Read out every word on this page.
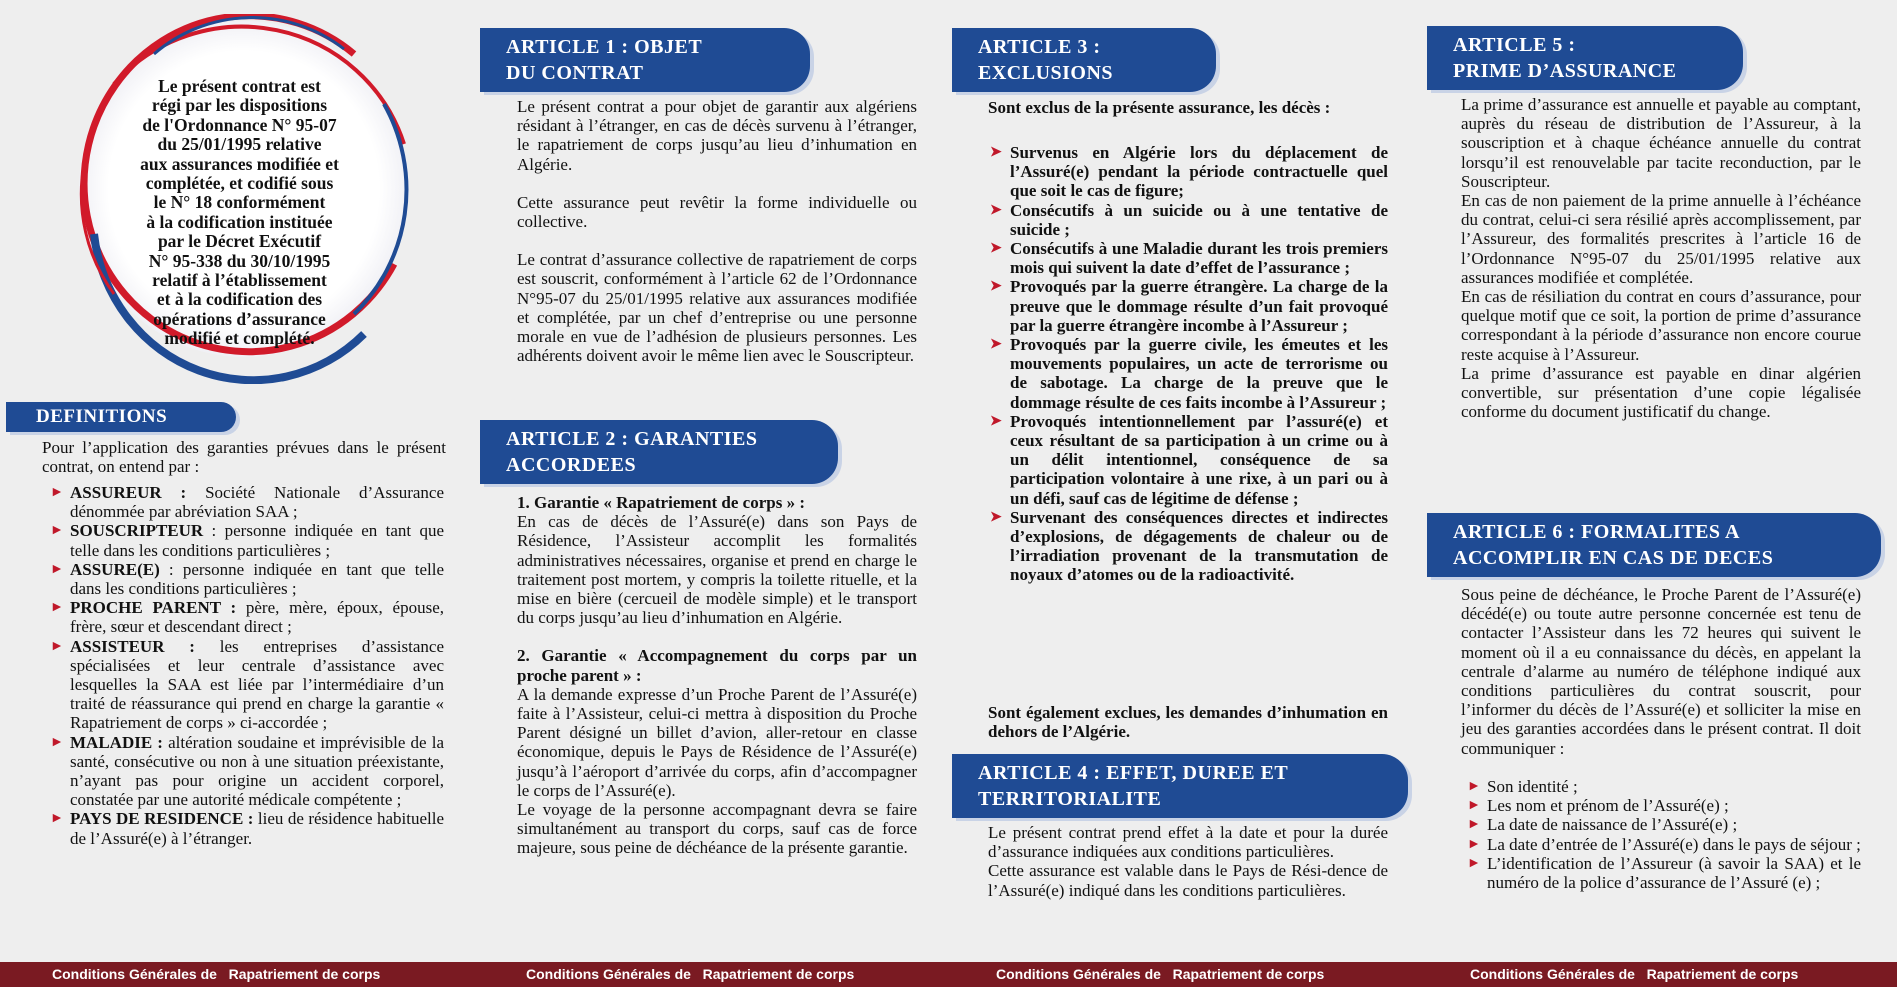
Le présent contrat est
régi par les dispositions
de l'Ordonnance N° 95-07
du 25/01/1995 relative
aux assurances modifiée et
complétée, et codifié sous
le N° 18 conformément
à la codification instituée
par le Décret Exécutif
N° 95-338 du 30/10/1995
relatif à l’établissement
et à la codification des
opérations d’assurance
modifié et complété.
DEFINITIONS
Pour l’application des garanties prévues dans le présent contrat, on entend par :
► ASSUREUR : Société Nationale d’Assurance dénommée par abréviation SAA ;
► SOUSCRIPTEUR : personne indiquée en tant que telle dans les conditions particulières ;
► ASSURE(E) : personne indiquée en tant que telle dans les conditions particulières ;
► PROCHE PARENT : père, mère, époux, épouse, frère, sœur et descendant direct ;
► ASSISTEUR : les entreprises d’assistance spécialisées et leur centrale d’assistance avec lesquelles la SAA est liée par l’intermédiaire d’un traité de réassurance qui prend en charge la garantie « Rapatriement de corps » ci-accordée ;
► MALADIE : altération soudaine et imprévisible de la santé, consécutive ou non à une situation préexistante, n’ayant pas pour origine un accident corporel, constatée par une autorité médicale compétente ;
► PAYS DE RESIDENCE : lieu de résidence habituelle de l’Assuré(e) à l’étranger.
ARTICLE 1 : OBJET
DU CONTRAT

Le présent contrat a pour objet de garantir aux algériens résidant à l’étranger, en cas de décès survenu à l’étranger, le rapatriement de corps jusqu’au lieu d’inhumation en Algérie.

Cette assurance peut revêtir la forme individuelle ou collective.

Le contrat d’assurance collective de rapatriement de corps est souscrit, conformément à l’article 62 de l’Ordonnance N°95-07 du 25/01/1995 relative aux assurances modifiée et complétée, par un chef d’entreprise ou une personne morale en vue de l’adhésion de plusieurs personnes. Les adhérents doivent avoir le même lien avec le Souscripteur.

ARTICLE 2 : GARANTIES
ACCORDEES
1. Garantie « Rapatriement de corps » :

En cas de décès de l’Assuré(e) dans son Pays de Résidence, l’Assisteur accomplit les formalités administratives nécessaires, organise et prend en charge le traitement post mortem, y compris la toilette rituelle, et la mise en bière (cercueil de modèle simple) et le transport du corps jusqu’au lieu d’inhumation en Algérie.

2. Garantie « Accompagnement du corps par un proche parent » :
A la demande expresse d’un Proche Parent de l’Assuré(e) faite à l’Assisteur, celui-ci mettra à disposition du Proche Parent désigné un billet d’avion, aller-retour en classe économique, depuis le Pays de Résidence de l’Assuré(e) jusqu’à l’aéroport d’arrivée du corps, afin d’accompagner le corps de l’Assuré(e).
Le voyage de la personne accompagnant devra se faire simultanément au transport du corps, sauf cas de force majeure, sous peine de déchéance de la présente garantie.
ARTICLE 3 :
EXCLUSIONS
Sont exclus de la présente assurance, les décès :
➤ Survenus en Algérie lors du déplacement de l’Assuré(e) pendant la période contractuelle quel que soit le cas de figure;
➤ Consécutifs à un suicide ou à une tentative de suicide ;
➤ Consécutifs à une Maladie durant les trois premiers mois qui suivent la date d’effet de l’assurance ;
➤ Provoqués par la guerre étrangère. La charge de la preuve que le dommage résulte d’un fait provoqué par la guerre étrangère incombe à l’Assureur ;
➤ Provoqués par la guerre civile, les émeutes et les mouvements populaires, un acte de terrorisme ou de sabotage. La charge de la preuve que le dommage résulte de ces faits incombe à l’Assureur ;
➤ Provoqués intentionnellement par l’assuré(e) et ceux résultant de sa participation à un crime ou à un délit intentionnel, conséquence de sa participation volontaire à une rixe, à un pari ou à un défi, sauf cas de légitime de défense ;
➤ Survenant des conséquences directes et indirectes d’explosions, de dégagements de chaleur ou de l’irradiation provenant de la transmutation de noyaux d’atomes ou de la radioactivité.
Sont également exclues, les demandes d’inhumation en dehors de l’Algérie.
ARTICLE 4 : EFFET, DUREE ET
TERRITORIALITE
Le présent contrat prend effet à la date et pour la durée d’assurance indiquées aux conditions particulières.
Cette assurance est valable dans le Pays de Rési-dence de l’Assuré(e) indiqué dans les conditions particulières.
ARTICLE 5 :
PRIME D’ASSURANCE
La prime d’assurance est annuelle et payable au comptant, auprès du réseau de distribution de l’Assureur, à la souscription et à chaque échéance annuelle du contrat lorsqu’il est renouvelable par tacite reconduction, par le Souscripteur.
En cas de non paiement de la prime annuelle à l’échéance du contrat, celui-ci sera résilié après accomplissement, par l’Assureur, des formalités prescrites à l’article 16 de l’Ordonnance N°95-07 du 25/01/1995 relative aux assurances modifiée et complétée.
En cas de résiliation du contrat en cours d’assurance, pour quelque motif que ce soit, la portion de prime d’assurance correspondant à la période d’assurance non encore courue reste acquise à l’Assureur.
La prime d’assurance est payable en dinar algérien convertible, sur présentation d’une copie légalisée conforme du document justificatif du change.
ARTICLE 6 : FORMALITES A
ACCOMPLIR EN CAS DE DECES
Sous peine de déchéance, le Proche Parent de l’Assuré(e) décédé(e) ou toute autre personne concernée est tenu de contacter l’Assisteur dans les 72 heures qui suivent le moment où il a eu connaissance du décès, en appelant la centrale d’alarme au numéro de téléphone indiqué aux conditions particulières du contrat souscrit, pour l’informer du décès de l’Assuré(e) et solliciter la mise en jeu des garanties accordées dans le présent contrat. Il doit communiquer :
► Son identité ;
► Les nom et prénom de l’Assuré(e) ;
► La date de naissance de l’Assuré(e) ;
► La date d’entrée de l’Assuré(e) dans le pays de séjour ;
► L’identification de l’Assureur (à savoir la SAA) et le numéro de la police d’assurance de l’Assuré (e) ;
Conditions Générales de   Rapatriement de corps	Conditions Générales de   Rapatriement de corps	Conditions Générales de   Rapatriement de corps	Conditions Générales de   Rapatriement de corps
